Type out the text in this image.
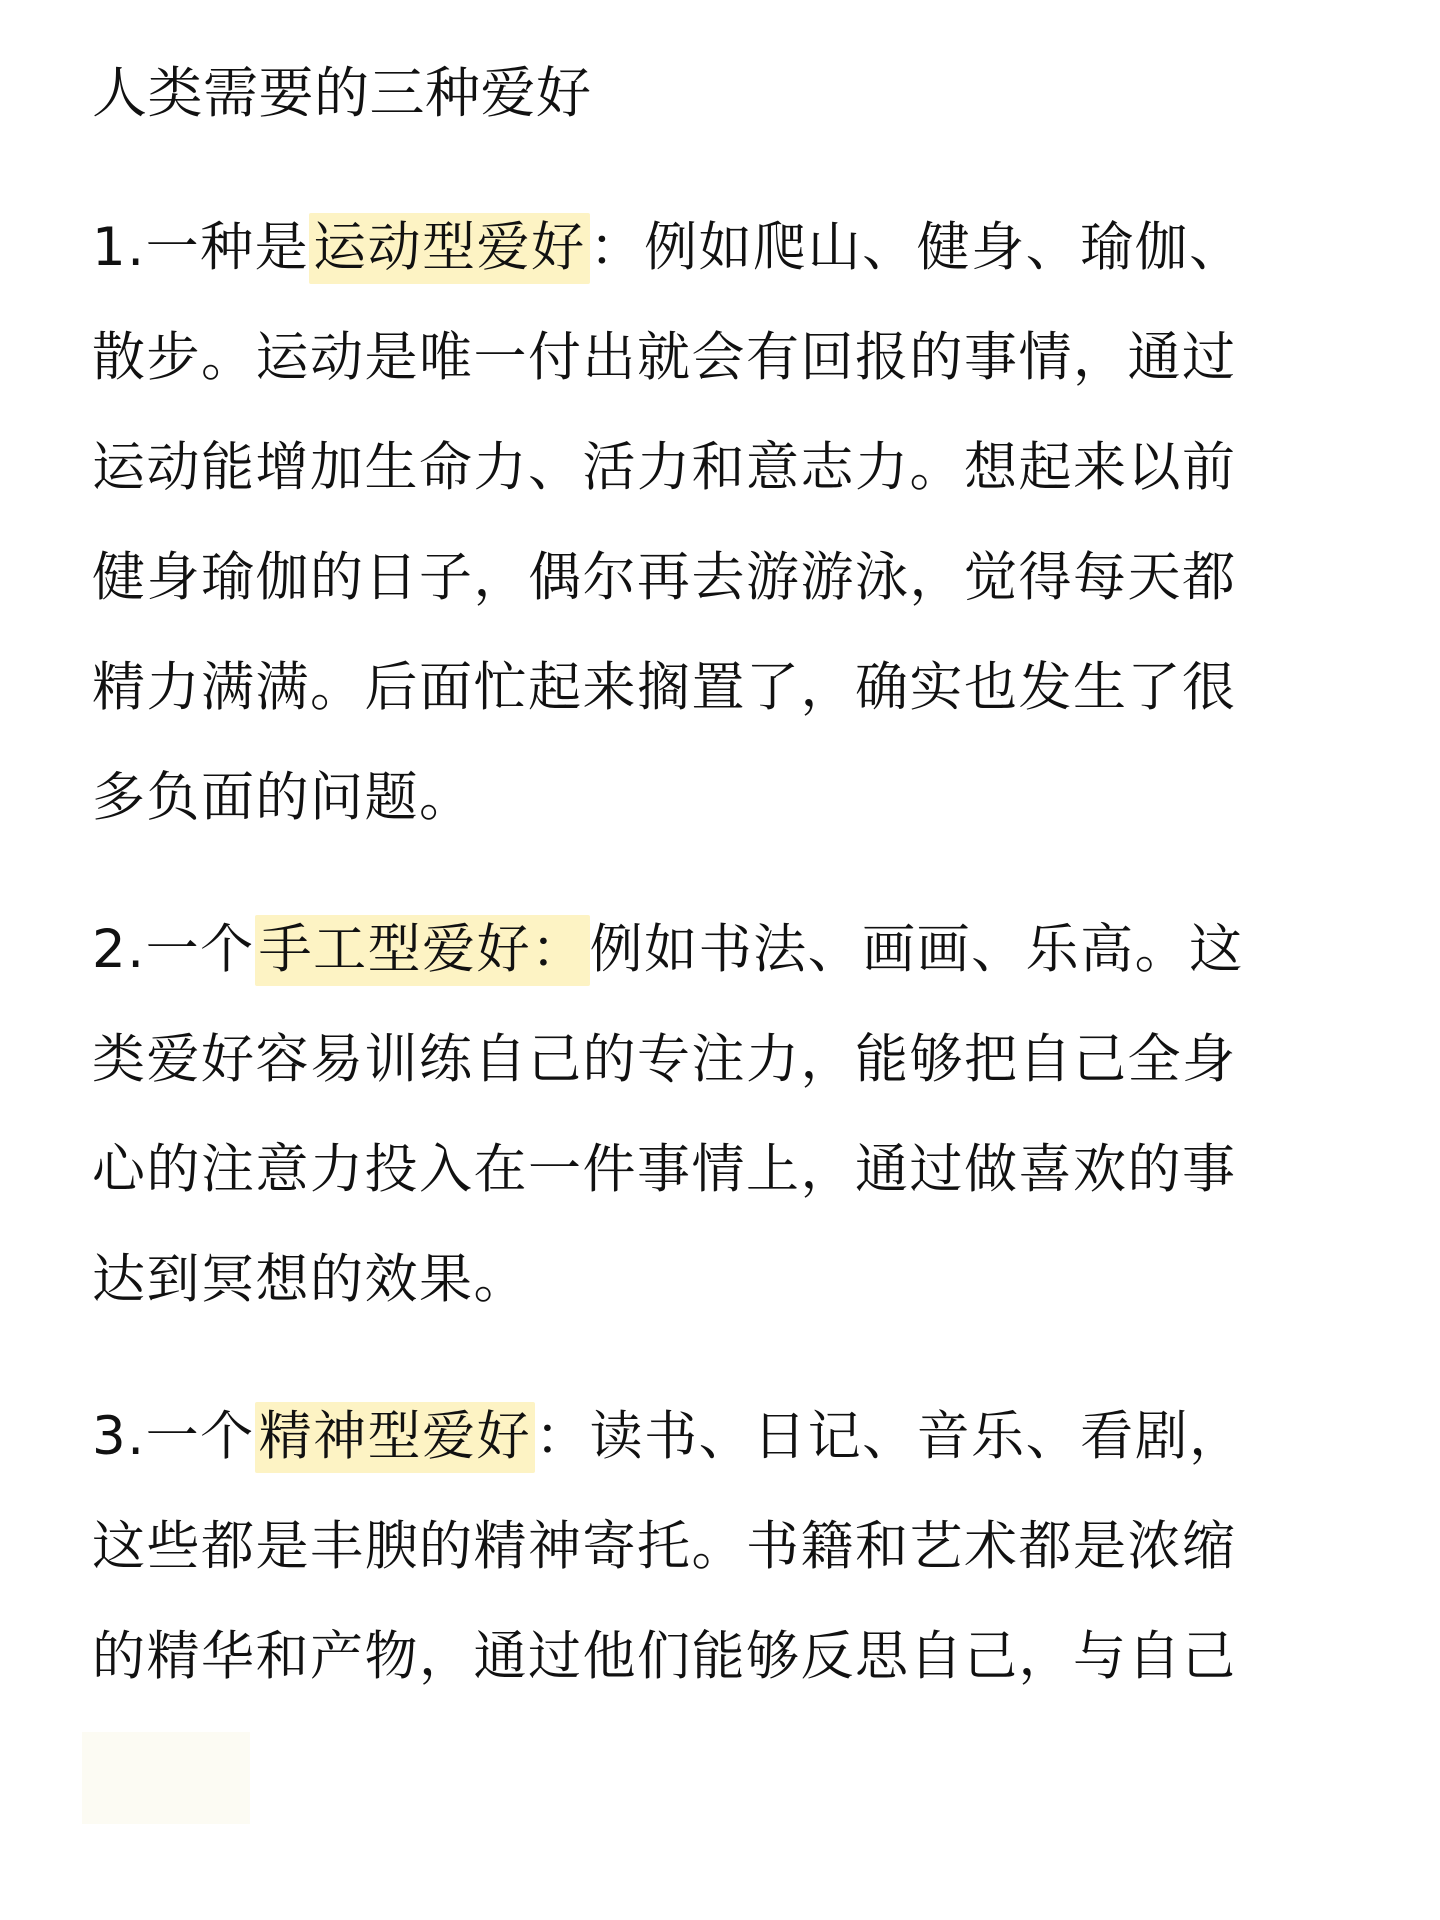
人类需要的三种爱好
1.一种是运动型爱好：例如爬山、健身、瑜伽、
散步。运动是唯一付出就会有回报的事情，通过
运动能增加生命力、活力和意志力。想起来以前
健身瑜伽的日子，偶尔再去游游泳，觉得每天都
精力满满。后面忙起来搁置了，确实也发生了很
多负面的问题。
2.一个手工型爱好：例如书法、画画、乐高。这
类爱好容易训练自己的专注力，能够把自己全身
心的注意力投入在一件事情上，通过做喜欢的事
达到冥想的效果。
3.一个精神型爱好：读书、日记、音乐、看剧，
这些都是丰腴的精神寄托。书籍和艺术都是浓缩
的精华和产物，通过他们能够反思自己，与自己
